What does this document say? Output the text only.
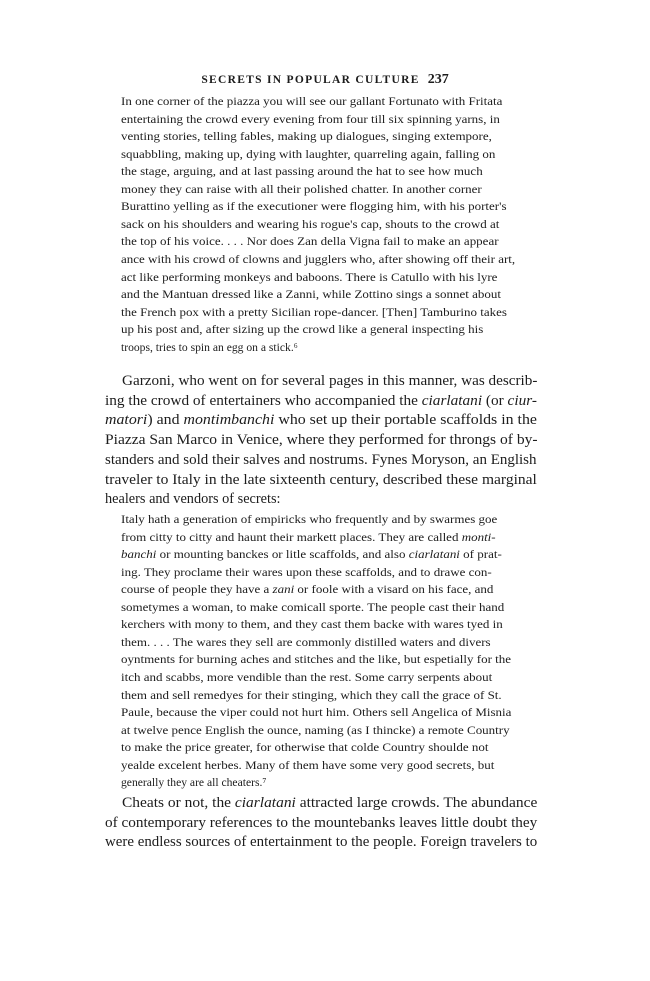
SECRETS IN POPULAR CULTURE 237
In one corner of the piazza you will see our gallant Fortunato with Fritata
entertaining the crowd every evening from four till six spinning yarns, in
venting stories, telling fables, making up dialogues, singing extempore,
squabbling, making up, dying with laughter, quarreling again, falling on
the stage, arguing, and at last passing around the hat to see how much
money they can raise with all their polished chatter. In another corner
Burattino yelling as if the executioner were flogging him, with his porter's
sack on his shoulders and wearing his rogue's cap, shouts to the crowd at
the top of his voice. . . . Nor does Zan della Vigna fail to make an appear
ance with his crowd of clowns and jugglers who, after showing off their art,
act like performing monkeys and baboons. There is Catullo with his lyre
and the Mantuan dressed like a Zanni, while Zottino sings a sonnet about
the French pox with a pretty Sicilian rope-dancer. [Then] Tamburino takes
up his post and, after sizing up the crowd like a general inspecting his
troops, tries to spin an egg on a stick.⁶
Garzoni, who went on for several pages in this manner, was describ-
ing the crowd of entertainers who accompanied the ciarlatani (or ciur-
matori) and montimbanchi who set up their portable scaffolds in the
Piazza San Marco in Venice, where they performed for throngs of by-
standers and sold their salves and nostrums. Fynes Moryson, an English
traveler to Italy in the late sixteenth century, described these marginal
healers and vendors of secrets:
Italy hath a generation of empiricks who frequently and by swarmes goe
from citty to citty and haunt their markett places. They are called monti-
banchi or mounting banckes or litle scaffolds, and also ciarlatani of prat-
ing. They proclame their wares upon these scaffolds, and to drawe con-
course of people they have a zani or foole with a visard on his face, and
sometymes a woman, to make comicall sporte. The people cast their hand
kerchers with mony to them, and they cast them backe with wares tyed in
them. . . . The wares they sell are commonly distilled waters and divers
oyntments for burning aches and stitches and the like, but espetially for the
itch and scabbs, more vendible than the rest. Some carry serpents about
them and sell remedyes for their stinging, which they call the grace of St.
Paule, because the viper could not hurt him. Others sell Angelica of Misnia
at twelve pence English the ounce, naming (as I thincke) a remote Country
to make the price greater, for otherwise that colde Country shoulde not
yealde excelent herbes. Many of them have some very good secrets, but
generally they are all cheaters.⁷
Cheats or not, the ciarlatani attracted large crowds. The abundance
of contemporary references to the mountebanks leaves little doubt they
were endless sources of entertainment to the people. Foreign travelers to
